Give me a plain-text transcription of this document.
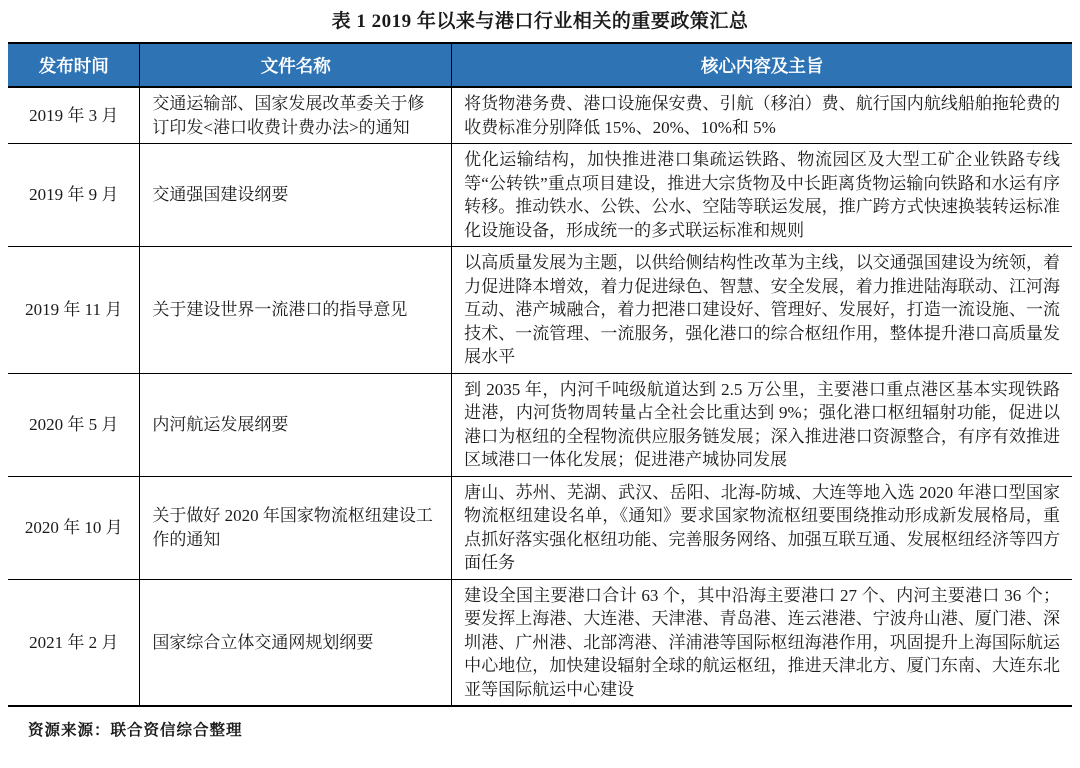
表 1 2019 年以来与港口行业相关的重要政策汇总
发布时间	文件名称	核心内容及主旨
2019 年 3 月	交通运输部、国家发展改革委关于修订印发<港口收费计费办法>的通知	将货物港务费、港口设施保安费、引航（移泊）费、航行国内航线船舶拖轮费的收费标准分别降低 15%、20%、10%和 5%
2019 年 9 月	交通强国建设纲要	优化运输结构，加快推进港口集疏运铁路、物流园区及大型工矿企业铁路专线等“公转铁”重点项目建设，推进大宗货物及中长距离货物运输向铁路和水运有序转移。推动铁水、公铁、公水、空陆等联运发展，推广跨方式快速换装转运标准化设施设备，形成统一的多式联运标准和规则
2019 年 11 月	关于建设世界一流港口的指导意见	以高质量发展为主题，以供给侧结构性改革为主线，以交通强国建设为统领，着力促进降本增效，着力促进绿色、智慧、安全发展，着力推进陆海联动、江河海互动、港产城融合，着力把港口建设好、管理好、发展好，打造一流设施、一流技术、一流管理、一流服务，强化港口的综合枢纽作用，整体提升港口高质量发展水平
2020 年 5 月	内河航运发展纲要	到 2035 年，内河千吨级航道达到 2.5 万公里，主要港口重点港区基本实现铁路进港，内河货物周转量占全社会比重达到 9%；强化港口枢纽辐射功能，促进以港口为枢纽的全程物流供应服务链发展；深入推进港口资源整合，有序有效推进区域港口一体化发展；促进港产城协同发展
2020 年 10 月	关于做好 2020 年国家物流枢纽建设工作的通知	唐山、苏州、芜湖、武汉、岳阳、北海-防城、大连等地入选 2020 年港口型国家物流枢纽建设名单，《通知》要求国家物流枢纽要围绕推动形成新发展格局，重点抓好落实强化枢纽功能、完善服务网络、加强互联互通、发展枢纽经济等四方面任务
2021 年 2 月	国家综合立体交通网规划纲要	建设全国主要港口合计 63 个，其中沿海主要港口 27 个、内河主要港口 36 个；要发挥上海港、大连港、天津港、青岛港、连云港港、宁波舟山港、厦门港、深圳港、广州港、北部湾港、洋浦港等国际枢纽海港作用，巩固提升上海国际航运中心地位，加快建设辐射全球的航运枢纽，推进天津北方、厦门东南、大连东北亚等国际航运中心建设
资源来源：联合资信综合整理
